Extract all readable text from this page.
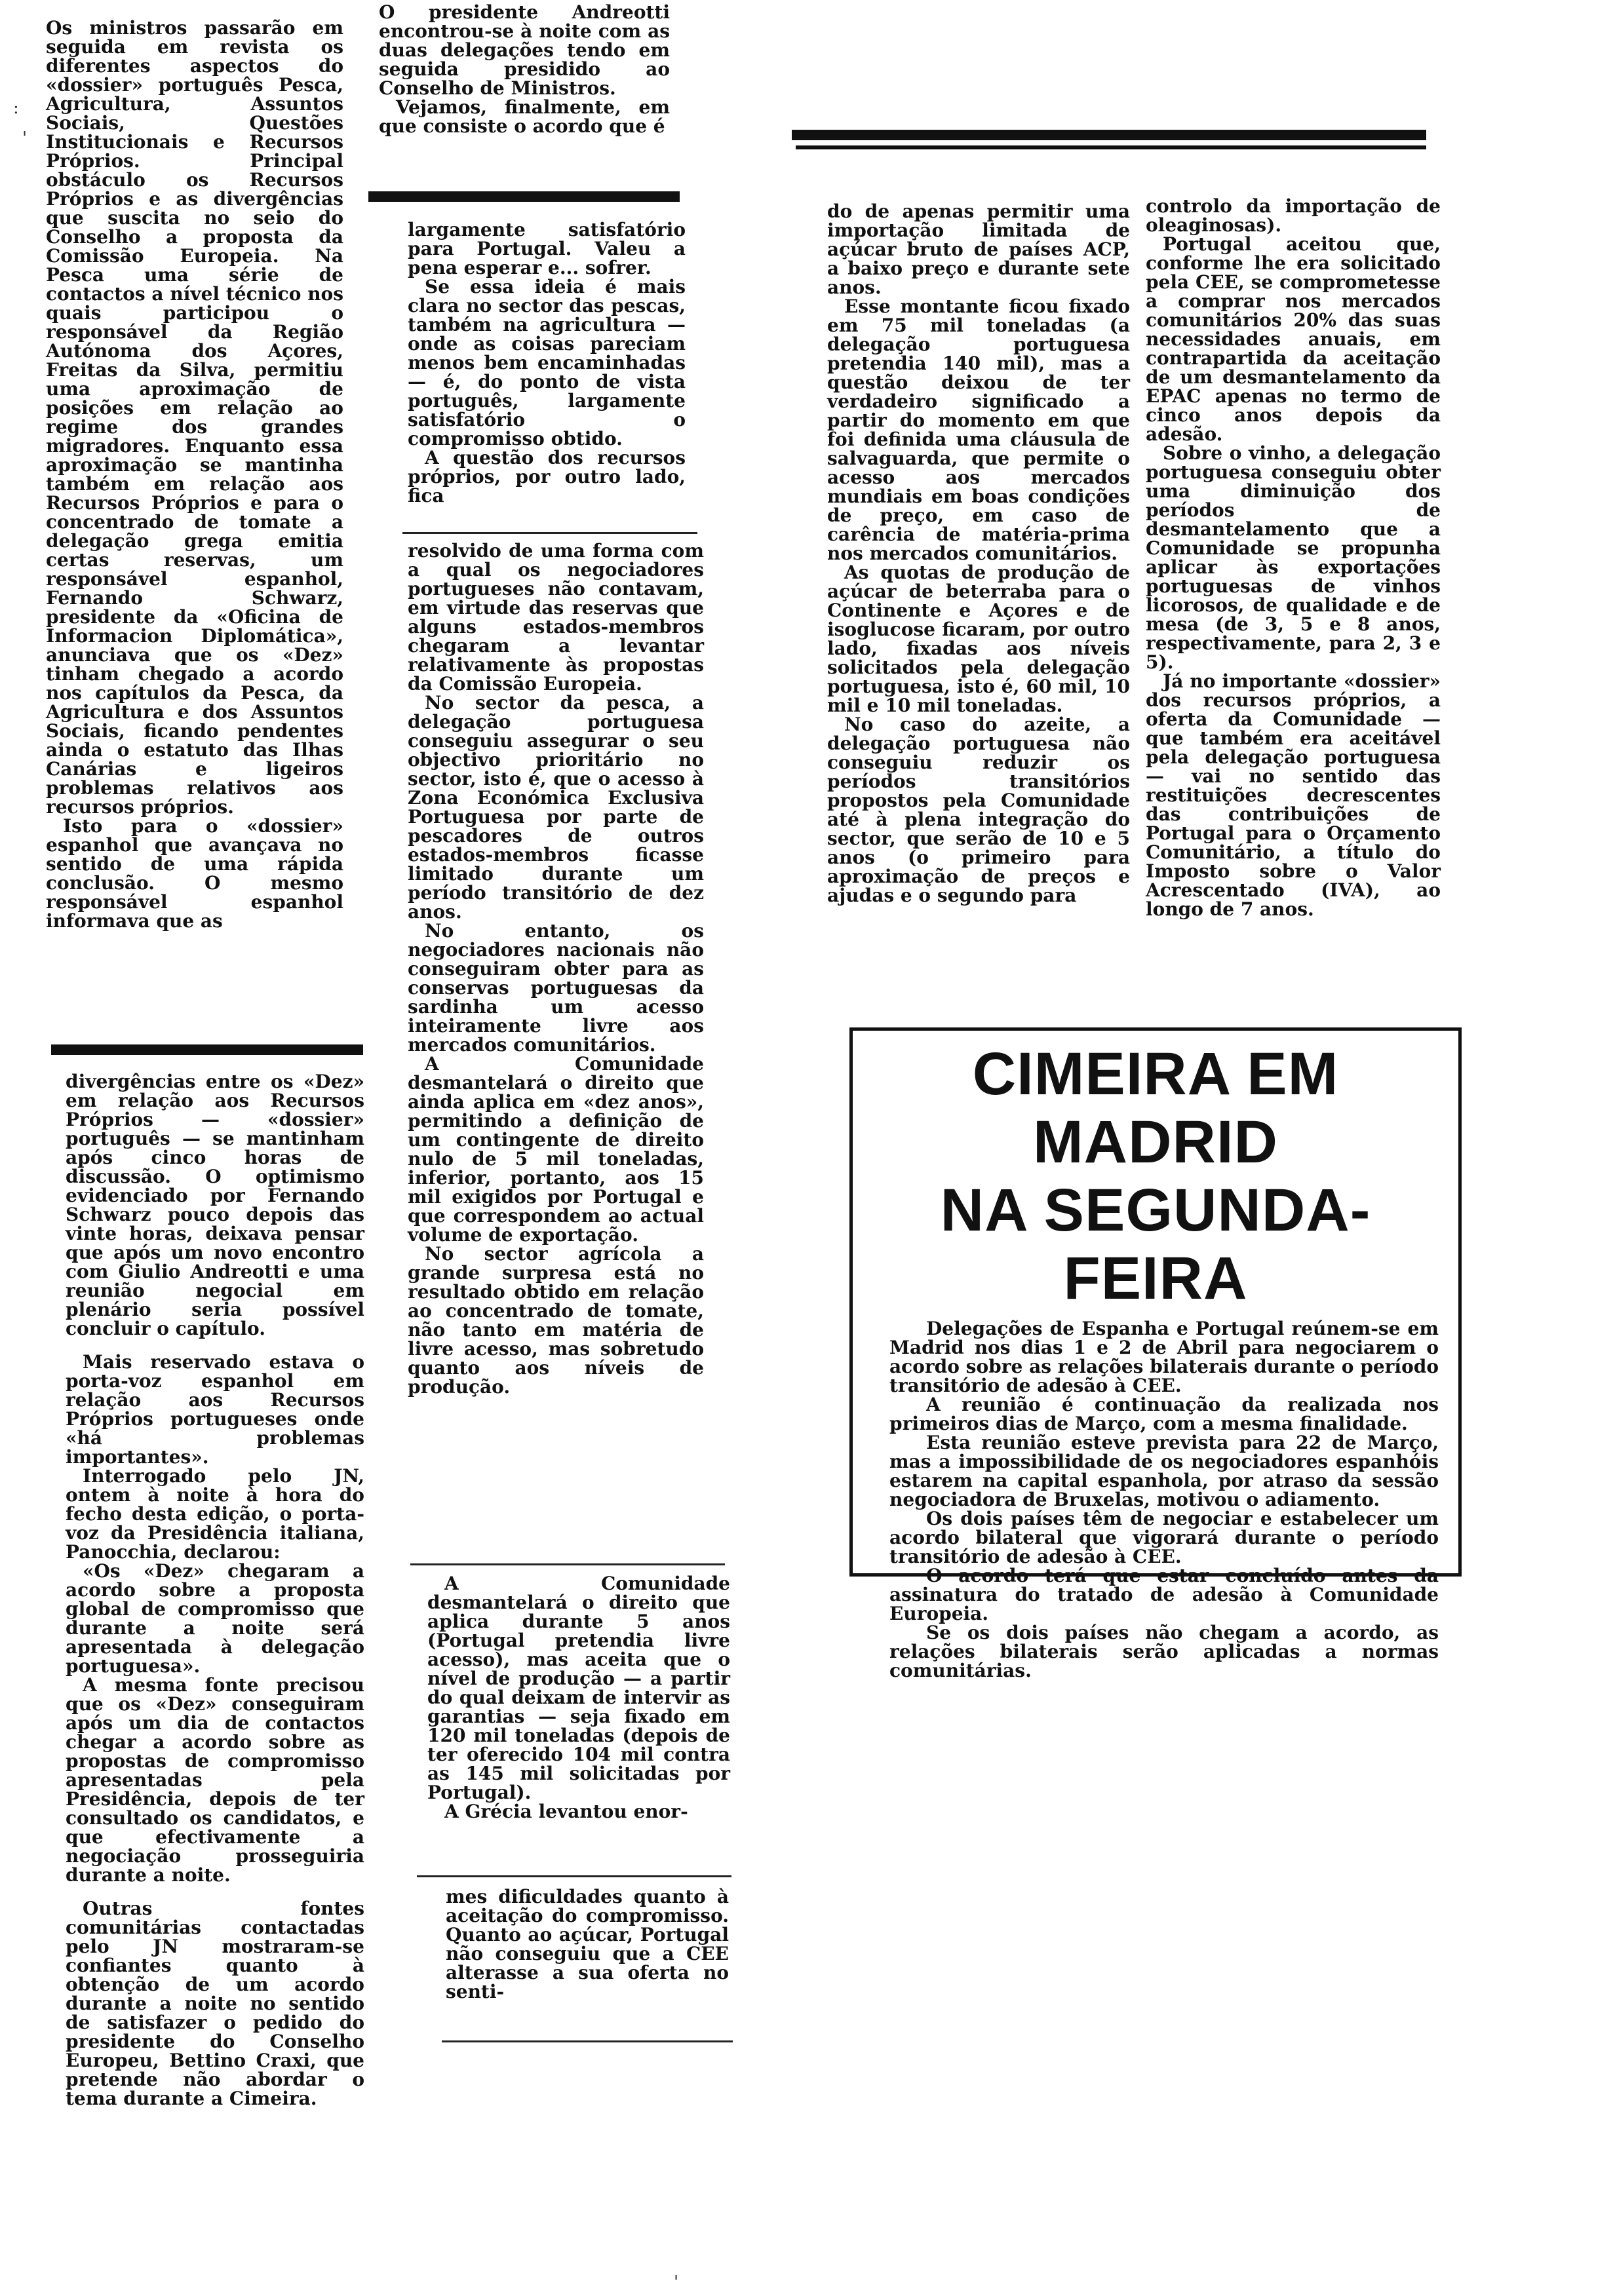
Os ministros passarão em seguida em revista os diferentes aspectos do «dossier» português Pesca, Agricultura, Assuntos Sociais, Questões Institucionais e Recursos Próprios. Principal obstáculo os Recursos Próprios e as divergências que suscita no seio do Conselho a proposta da Comissão Europeia. Na Pesca uma série de contactos a nível técnico nos quais participou o responsável da Região Autónoma dos Açores, Freitas da Silva, permitiu uma aproximação de posições em relação ao regime dos grandes migradores. Enquanto essa aproximação se mantinha também em relação aos Recursos Próprios e para o concentrado de tomate a delegação grega emitia certas reservas, um responsável espanhol, Fernando Schwarz, presidente da «Oficina de Informacion Diplomática», anunciava que os «Dez» tinham chegado a acordo nos capítulos da Pesca, da Agricultura e dos Assuntos Sociais, ficando pendentes ainda o estatuto das Ilhas Canárias e ligeiros problemas relativos aos recursos próprios.

Isto para o «dossier» espanhol que avançava no sentido de uma rápida conclusão. O mesmo responsável espanhol informava que as

divergências entre os «Dez» em relação aos Recursos Próprios — «dossier» português — se mantinham após cinco horas de discussão. O optimismo evidenciado por Fernando Schwarz pouco depois das vinte horas, deixava pensar que após um novo encontro com Giulio Andreotti e uma reunião negocial em plenário seria possível concluir o capítulo.

Mais reservado estava o porta-voz espanhol em relação aos Recursos Próprios portugueses onde «há problemas importantes».

Interrogado pelo JN, ontem à noite à hora do fecho desta edição, o porta-voz da Presidência italiana, Panocchia, declarou:

«Os «Dez» chegaram a acordo sobre a proposta global de compromisso que durante a noite será apresentada à delegação portuguesa».

A mesma fonte precisou que os «Dez» conseguiram após um dia de contactos chegar a acordo sobre as propostas de compromisso apresentadas pela Presidência, depois de ter consultado os candidatos, e que efectivamente a negociação prosseguiria durante a noite.

Outras fontes comunitárias contactadas pelo JN mostraram-se confiantes quanto à obtenção de um acordo durante a noite no sentido de satisfazer o pedido do presidente do Conselho Europeu, Bettino Craxi, que pretende não abordar o tema durante a Cimeira.

O presidente Andreotti encontrou-se à noite com as duas delegações tendo em seguida presidido ao Conselho de Ministros.

Vejamos, finalmente, em que consiste o acordo que é

largamente satisfatório para Portugal. Valeu a pena esperar e... sofrer.

Se essa ideia é mais clara no sector das pescas, também na agricultura — onde as coisas pareciam menos bem encaminhadas — é, do ponto de vista português, largamente satisfatório o compromisso obtido.

A questão dos recursos próprios, por outro lado, fica

resolvido de uma forma com a qual os negociadores portugueses não contavam, em virtude das reservas que alguns estados-membros chegaram a levantar relativamente às propostas da Comissão Europeia.

No sector da pesca, a delegação portuguesa conseguiu assegurar o seu objectivo prioritário no sector, isto é, que o acesso à Zona Económica Exclusiva Portuguesa por parte de pescadores de outros estados-membros ficasse limitado durante um período transitório de dez anos.

No entanto, os negociadores nacionais não conseguiram obter para as conservas portuguesas da sardinha um acesso inteiramente livre aos mercados comunitários.

A Comunidade desmantelará o direito que ainda aplica em «dez anos», permitindo a definição de um contingente de direito nulo de 5 mil toneladas, inferior, portanto, aos 15 mil exigidos por Portugal e que correspondem ao actual volume de exportação.

No sector agrícola a grande surpresa está no resultado obtido em relação ao concentrado de tomate, não tanto em matéria de livre acesso, mas sobretudo quanto aos níveis de produção.

A Comunidade desmantelará o direito que aplica durante 5 anos (Portugal pretendia livre acesso), mas aceita que o nível de produção — a partir do qual deixam de intervir as garantias — seja fixado em 120 mil toneladas (depois de ter oferecido 104 mil contra as 145 mil solicitadas por Portugal).

A Grécia levantou enor-

mes dificuldades quanto à aceitação do compromisso. Quanto ao açúcar, Portugal não conseguiu que a CEE alterasse a sua oferta no senti-

do de apenas permitir uma importação limitada de açúcar bruto de países ACP, a baixo preço e durante sete anos.

Esse montante ficou fixado em 75 mil toneladas (a delegação portuguesa pretendia 140 mil), mas a questão deixou de ter verdadeiro significado a partir do momento em que foi definida uma cláusula de salvaguarda, que permite o acesso aos mercados mundiais em boas condições de preço, em caso de carência de matéria-prima nos mercados comunitários.

As quotas de produção de açúcar de beterraba para o Continente e Açores e de isoglucose ficaram, por outro lado, fixadas aos níveis solicitados pela delegação portuguesa, isto é, 60 mil, 10 mil e 10 mil toneladas.

No caso do azeite, a delegação portuguesa não conseguiu reduzir os períodos transitórios propostos pela Comunidade até à plena integração do sector, que serão de 10 e 5 anos (o primeiro para aproximação de preços e ajudas e o segundo para

controlo da importação de oleaginosas).

Portugal aceitou que, conforme lhe era solicitado pela CEE, se comprometesse a comprar nos mercados comunitários 20% das suas necessidades anuais, em contrapartida da aceitação de um desmantelamento da EPAC apenas no termo de cinco anos depois da adesão.

Sobre o vinho, a delegação portuguesa conseguiu obter uma diminuição dos períodos de desmantelamento que a Comunidade se propunha aplicar às exportações portuguesas de vinhos licorosos, de qualidade e de mesa (de 3, 5 e 8 anos, respectivamente, para 2, 3 e 5).

Já no importante «dossier» dos recursos próprios, a oferta da Comunidade — que também era aceitável pela delegação portuguesa — vai no sentido das restituições decrescentes das contribuições de Portugal para o Orçamento Comunitário, a título do Imposto sobre o Valor Acrescentado (IVA), ao longo de 7 anos.

CIMEIRA EM MADRID
NA SEGUNDA-FEIRA

Delegações de Espanha e Portugal reúnem-se em Madrid nos dias 1 e 2 de Abril para negociarem o acordo sobre as relações bilaterais durante o período transitório de adesão à CEE.

A reunião é continuação da realizada nos primeiros dias de Março, com a mesma finalidade.

Esta reunião esteve prevista para 22 de Março, mas a impossibilidade de os negociadores espanhóis estarem na capital espanhola, por atraso da sessão negociadora de Bruxelas, motivou o adiamento.

Os dois países têm de negociar e estabelecer um acordo bilateral que vigorará durante o período transitório de adesão à CEE.

O acordo terá que estar concluído antes da assinatura do tratado de adesão à Comunidade Europeia.

Se os dois países não chegam a acordo, as relações bilaterais serão aplicadas a normas comunitárias.

:
'
'
